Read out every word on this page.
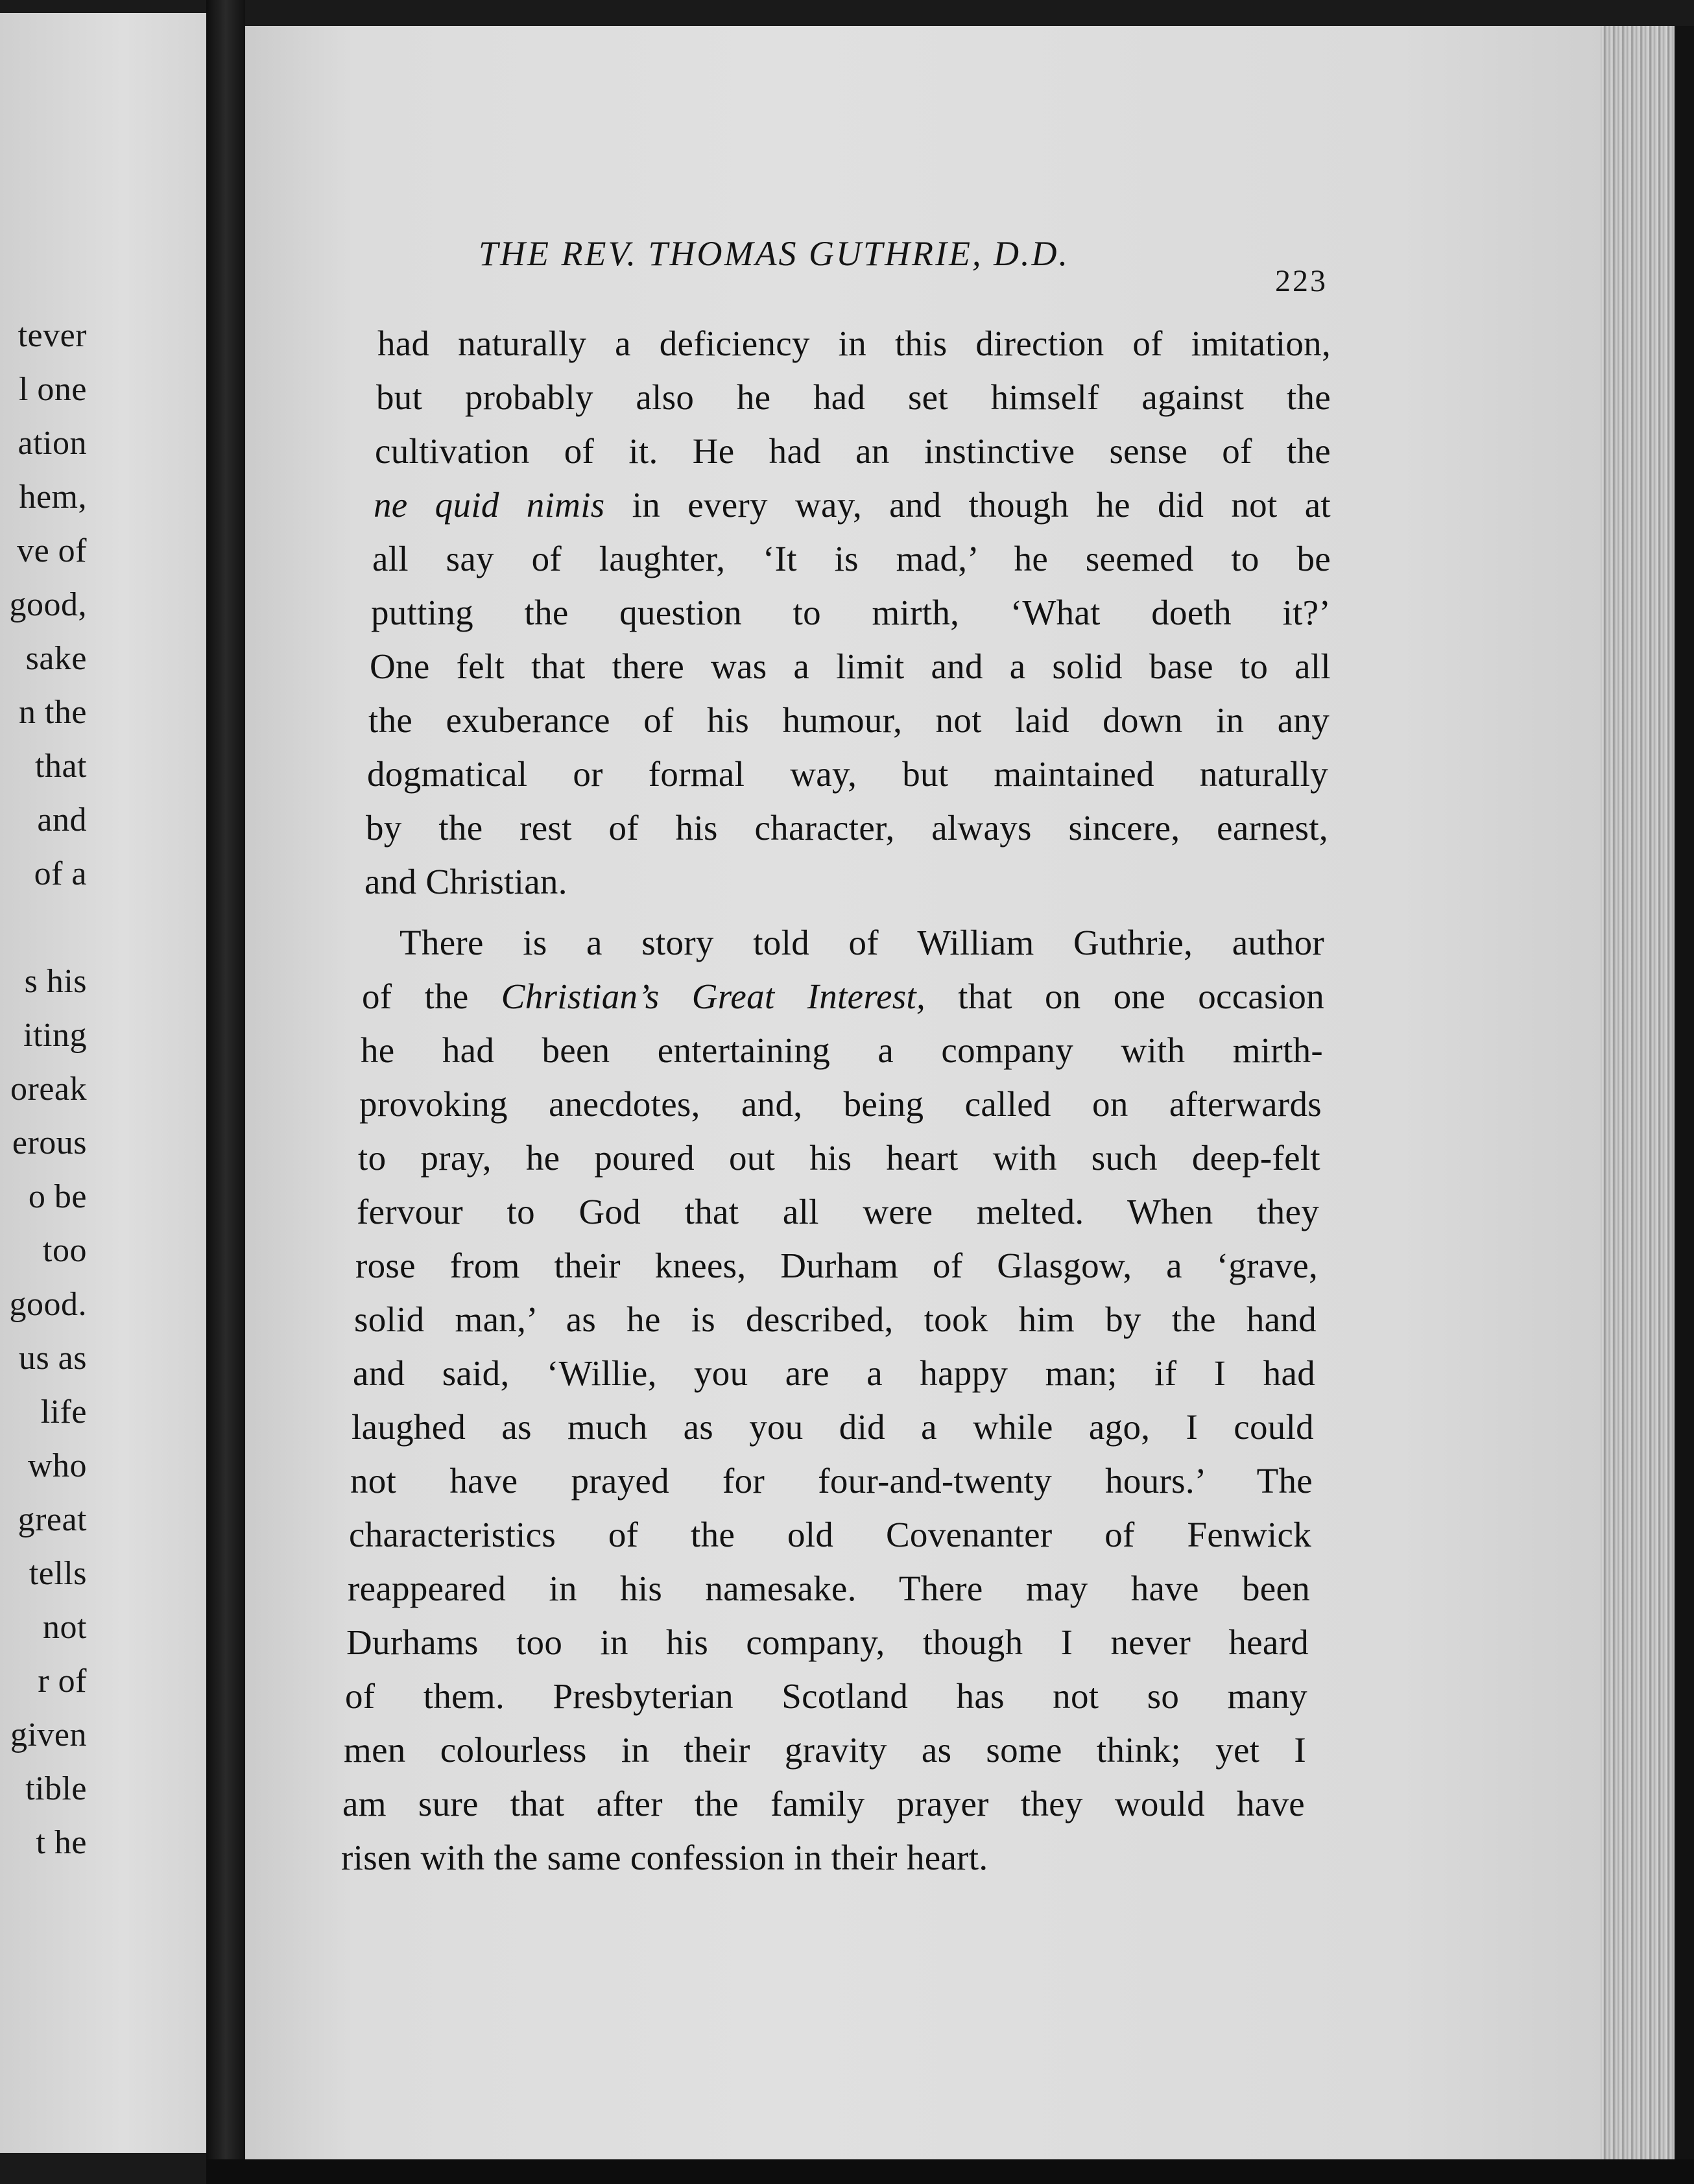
tever
l one
ation
hem,
ve of
good,
sake
n the
that
and
of a
s his
iting
oreak
erous
o be
too
good.
us as
life
who
great
tells
not
r of
given
tible
t he
THE REV. THOMAS GUTHRIE, D.D.
223
had naturally a deficiency in this direction of imitation,
but probably also he had set himself against the
cultivation of it. He had an instinctive sense of the
ne quid nimis in every way, and though he did not at
all say of laughter, ‘It is mad,’ he seemed to be
putting the question to mirth, ‘What doeth it?’
One felt that there was a limit and a solid base to all
the exuberance of his humour, not laid down in any
dogmatical or formal way, but maintained naturally
by the rest of his character, always sincere, earnest,
and Christian.
There is a story told of William Guthrie, author
of the Christian’s Great Interest, that on one occasion
he had been entertaining a company with mirth-
provoking anecdotes, and, being called on afterwards
to pray, he poured out his heart with such deep-felt
fervour to God that all were melted. When they
rose from their knees, Durham of Glasgow, a ‘grave,
solid man,’ as he is described, took him by the hand
and said, ‘Willie, you are a happy man; if I had
laughed as much as you did a while ago, I could
not have prayed for four-and-twenty hours.’ The
characteristics of the old Covenanter of Fenwick
reappeared in his namesake. There may have been
Durhams too in his company, though I never heard
of them. Presbyterian Scotland has not so many
men colourless in their gravity as some think; yet I
am sure that after the family prayer they would have
risen with the same confession in their heart.
